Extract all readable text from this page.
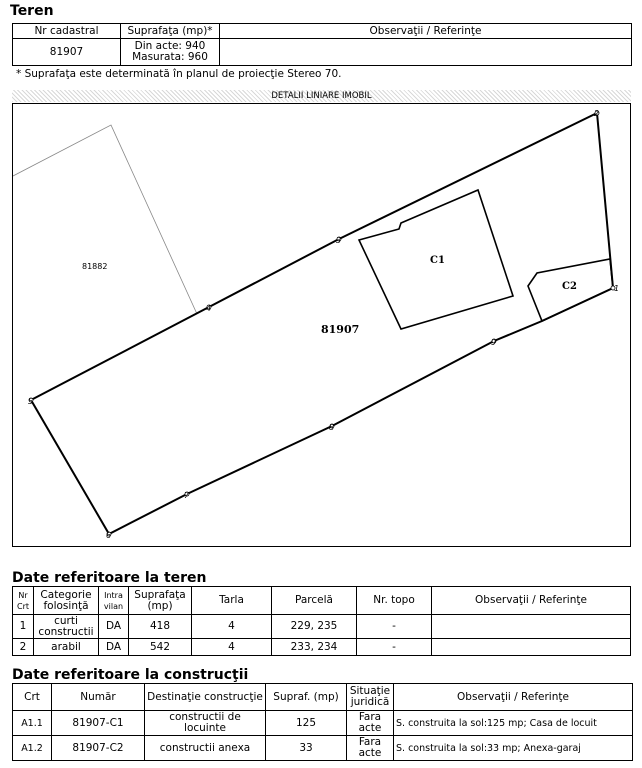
Teren
Nr cadastral	Suprafaţa (mp)*	Observaţii / Referinţe
81907	Din acte: 940
Masurata: 960	

* Suprafaţa este determinată în planul de proiecţie Stereo 70.
DETALII LINIARE IMOBIL
1
2
3
4
5
6
7
8
9
81882
81907
C1
C2
Date referitoare la teren
Nr Crt	Categorie folosinţă	Intra vilan	Suprafaţa (mp)	Tarla	Parcelă	Nr. topo	Observaţii / Referinţe
1	curti constructii	DA	418	4	229, 235	-	
2	arabil	DA	542	4	233, 234	-	
Date referitoare la construcţii
Crt	Număr	Destinaţie construcţie	Supraf. (mp)	Situaţie juridică	Observaţii / Referinţe
A1.1	81907-C1	constructii de locuinte	125	Fara acte	S. construita la sol:125 mp; Casa de locuit
A1.2	81907-C2	constructii anexa	33	Fara acte	S. construita la sol:33 mp; Anexa-garaj
